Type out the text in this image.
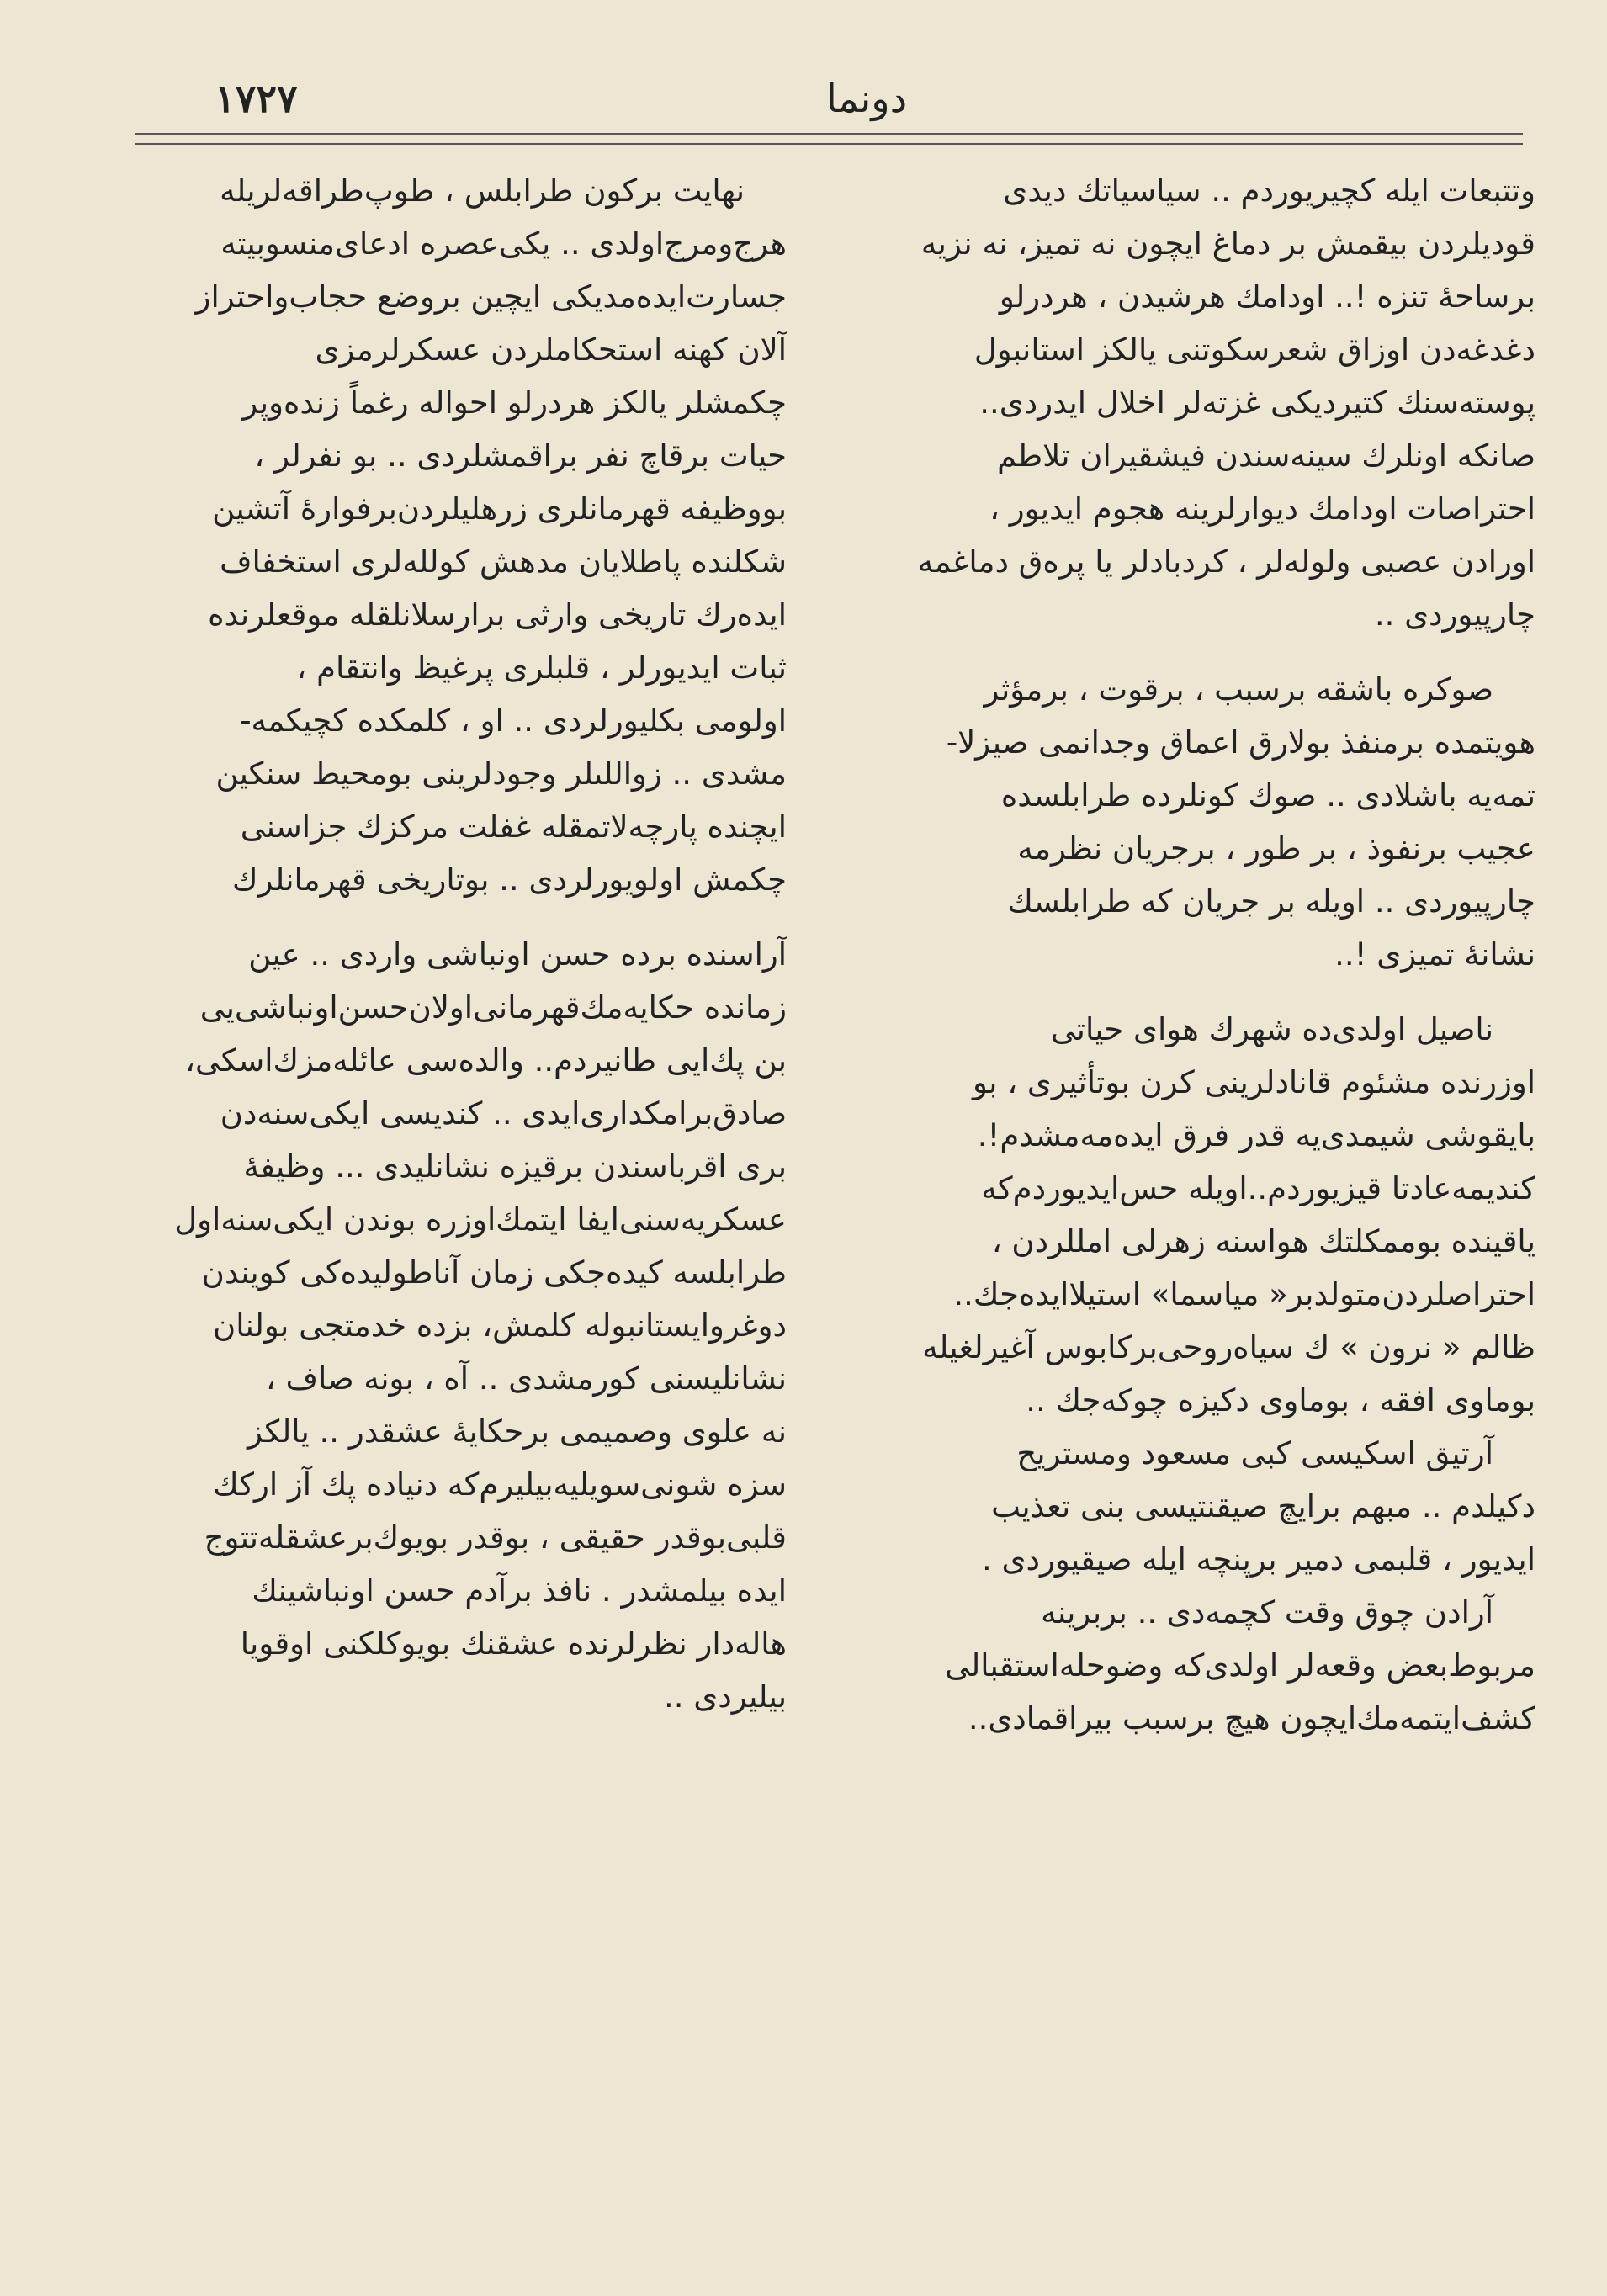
١٧٢٧	دونما
وتتبعات ايله كچيريوردم .. سياسياتك ديدى
قوديلردن بيقمش بر دماغ ايچون نه تميز، نه نزيه
برساحهٔ تنزه !.. اودامك هرشيدن ، هردرلو
دغدغه‌دن اوزاق شعرسكوتنى يالكز استانبول
پوسته‌سنك كتيرديكى غزته‌لر اخلال ايدردى..
صانكه اونلرك سينه‌سندن فيشقيران تلاطم
احتراصات اودامك ديوارلرينه هجوم ايديور ،
اورادن عصبى ولوله‌لر ، كردبادلر يا پره‌ق دماغمه
چارپيوردى ..
صوكره باشقه برسبب ، برقوت ، برمؤثر
هويتمده برمنفذ بولارق اعماق وجدانمى صيزلا-
تمه‌يه باشلادى .. صوك كونلرده طرابلسده
عجيب برنفوذ ، بر طور ، برجريان نظرمه
چارپيوردى .. اويله بر جريان كه طرابلسك
نشانهٔ تميزى !..
ناصيل اولدى‌ده شهرك هواى حياتى
اوزرنده مشئوم قانادلرينى كرن بوتأثيرى ، بو
بايقوشى شيمدى‌يه قدر فرق ايده‌مه‌مشدم!.
كنديمه‌عادتا قيزيوردم..اويله حس‌ايديوردم‌كه
ياقينده بوممكلتك هواسنه زهرلى امللردن ،
احتراصلردن‌متولدبر« مياسما» استيلاايده‌جك..
ظالم « نرون » ك سياه‌روحى‌بركابوس آغيرلغيله
بوماوى افقه ، بوماوى دكيزه چوكه‌جك ..
آرتيق اسكيسى كبى مسعود ومستريح
دكيلدم .. مبهم برايچ صيقنتيسى بنى تعذيب
ايديور ، قلبمى دمير برپنچه ايله صيقيوردى .
آرادن چوق وقت كچمه‌دى .. بربرينه
مربوط‌بعض وقعه‌لر اولدى‌كه وضوحله‌استقبالى
كشف‌ايتمه‌مك‌ايچون هيچ برسبب بيراقمادى..
نهايت بركون طرابلس ، طوپ‌طراقه‌لريله
هرج‌ومرج‌اولدى .. يكى‌عصره ادعاى‌منسوبيته
جسارت‌ايده‌مديكى ايچين بروضع حجاب‌واحتراز
آلان كهنه استحكاملردن عسكرلرمزى
چكمشلر يالكز هردرلو احواله رغماً زنده‌وپر
حيات برقاچ نفر براقمشلردى .. بو نفرلر ،
بووظيفه قهرمانلرى زرهليلردن‌برفوارهٔ آتشين
شكلنده پاطلايان مدهش كولله‌لرى استخفاف
ايده‌رك تاريخى وارثى برارسلانلقله موقعلرنده
ثبات ايديورلر ، قلبلرى پرغيظ وانتقام ،
اولومى بكليورلردى .. او ، كلمكده كچيكمه‌-
مشدى .. زواللىلر وجودلرينى بومحيط سنكين
ايچنده پارچه‌لاتمقله غفلت مركزك جزاسنى
چكمش اولويورلردى .. بوتاريخى قهرمانلرك
آراسنده برده حسن اونباشى واردى .. عين
زمانده حكايه‌مك‌قهرمانى‌اولان‌حسن‌اونباشى‌يى
بن پك‌ايى طانيردم.. والده‌سى عائله‌مزك‌اسكى،
صادق‌برامكدارى‌ايدى .. كنديسى ايكى‌سنه‌دن
برى اقرباسندن برقيزه نشانليدى ... وظيفهٔ
عسكريه‌سنى‌ايفا ايتمك‌اوزره بوندن ايكى‌سنه‌اول
طرابلسه كيده‌جكى زمان آناطوليده‌كى كويندن
دوغروايستانبوله كلمش، بزده خدمتجى بولنان
نشانليسنى كورمشدى .. آه ، بونه صاف ،
نه علوى وصميمى برحكايهٔ عشقدر .. يالكز
سزه شونى‌سويليه‌بيليرم‌كه دنياده پك آز اركك
قلبى‌بوقدر حقيقى ، بوقدر بويوك‌برعشقله‌تتوج
ايده بيلمشدر . نافذ برآدم حسن اونباشينك
هاله‌دار نظرلرنده عشقنك بويوكلكنى اوقويا
بيليردى ..
